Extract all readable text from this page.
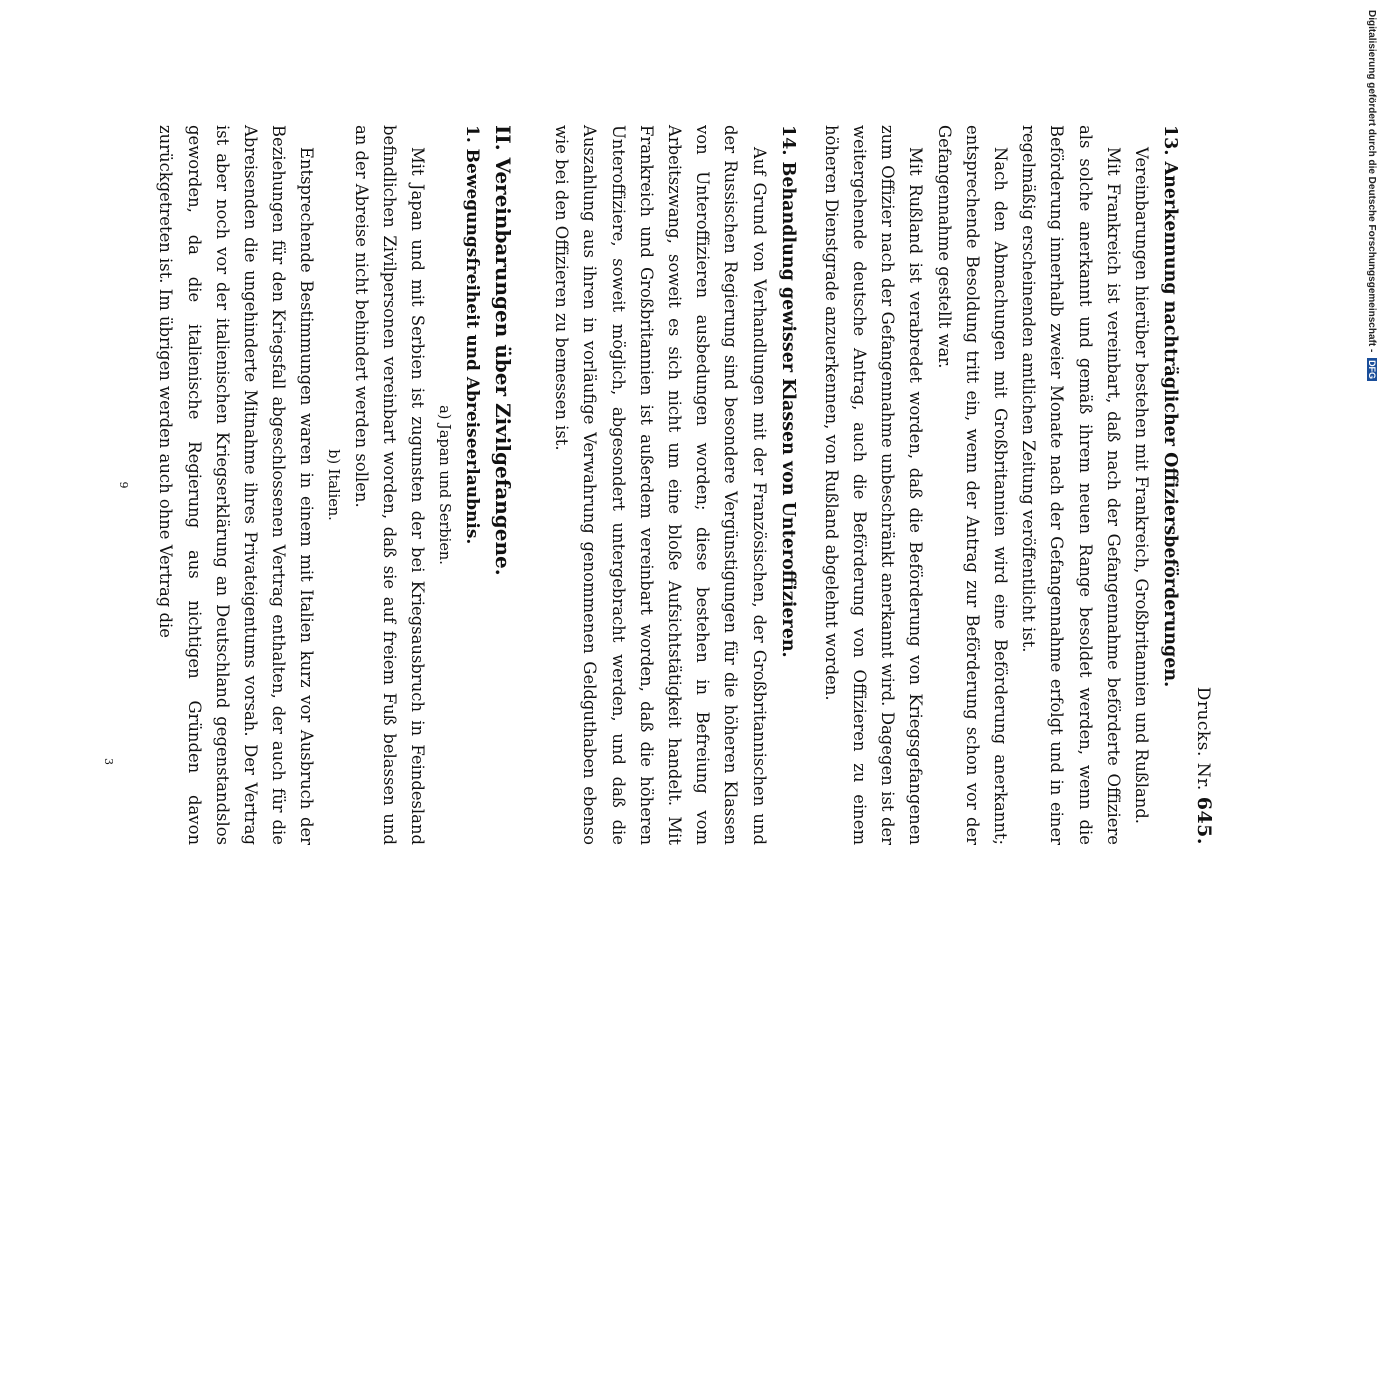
Drucks. Nr. 645.
13. Anerkennung nachträglicher Offiziersbeförderungen.

Vereinbarungen hierüber bestehen mit Frankreich, Großbritannien und Rußland.

Mit Frankreich ist vereinbart, daß nach der Gefangennahme beförderte Offiziere als solche anerkannt und gemäß ihrem neuen Range besoldet werden, wenn die Beförderung innerhalb zweier Monate nach der Gefangennahme erfolgt und in einer regelmäßig erscheinenden amtlichen Zeitung veröffentlicht ist.

Nach den Abmachungen mit Großbritannien wird eine Beförderung anerkannt; entsprechende Besoldung tritt ein, wenn der Antrag zur Beförderung schon vor der Gefangennahme gestellt war.

Mit Rußland ist verabredet worden, daß die Beförderung von Kriegsgefangenen zum Offizier nach der Gefangennahme unbeschränkt anerkannt wird. Dagegen ist der weitergehende deutsche Antrag, auch die Beförderung von Offizieren zu einem höheren Dienstgrade anzuerkennen, von Rußland abgelehnt worden.

14. Behandlung gewisser Klassen von Unteroffizieren.

Auf Grund von Verhandlungen mit der Französischen, der Großbritannischen und der Russischen Regierung sind besondere Vergünstigungen für die höheren Klassen von Unteroffizieren ausbedungen worden; diese bestehen in Befreiung vom Arbeitszwang, soweit es sich nicht um eine bloße Aufsichtstätigkeit handelt. Mit Frankreich und Großbritannien ist außerdem vereinbart worden, daß die höheren Unteroffiziere, soweit möglich, abgesondert untergebracht werden, und daß die Auszahlung aus ihren in vorläufige Verwahrung genommenen Geldguthaben ebenso wie bei den Offizieren zu bemessen ist.

II. Vereinbarungen über Zivilgefangene.
1. Bewegungsfreiheit und Abreiseerlaubnis.
a) Japan und Serbien.

Mit Japan und mit Serbien ist zugunsten der bei Kriegsausbruch in Feindesland befindlichen Zivilpersonen vereinbart worden, daß sie auf freiem Fuß belassen und an der Abreise nicht behindert werden sollen.

b) Italien.

Entsprechende Bestimmungen waren in einem mit Italien kurz vor Ausbruch der Beziehungen für den Kriegsfall abgeschlossenen Vertrag enthalten, der auch für die Abreisenden die ungehinderte Mitnahme ihres Privateigentums vorsah. Der Vertrag ist aber noch vor der italienischen Kriegserklärung an Deutschland gegenstandslos geworden, da die italienische Regierung aus nichtigen Gründen davon zurückgetreten ist. Im übrigen werden auch ohne Vertrag die

9
3
Digitalisierung gefördert durch die Deutsche Forschungsgemeinschaft - DFG
